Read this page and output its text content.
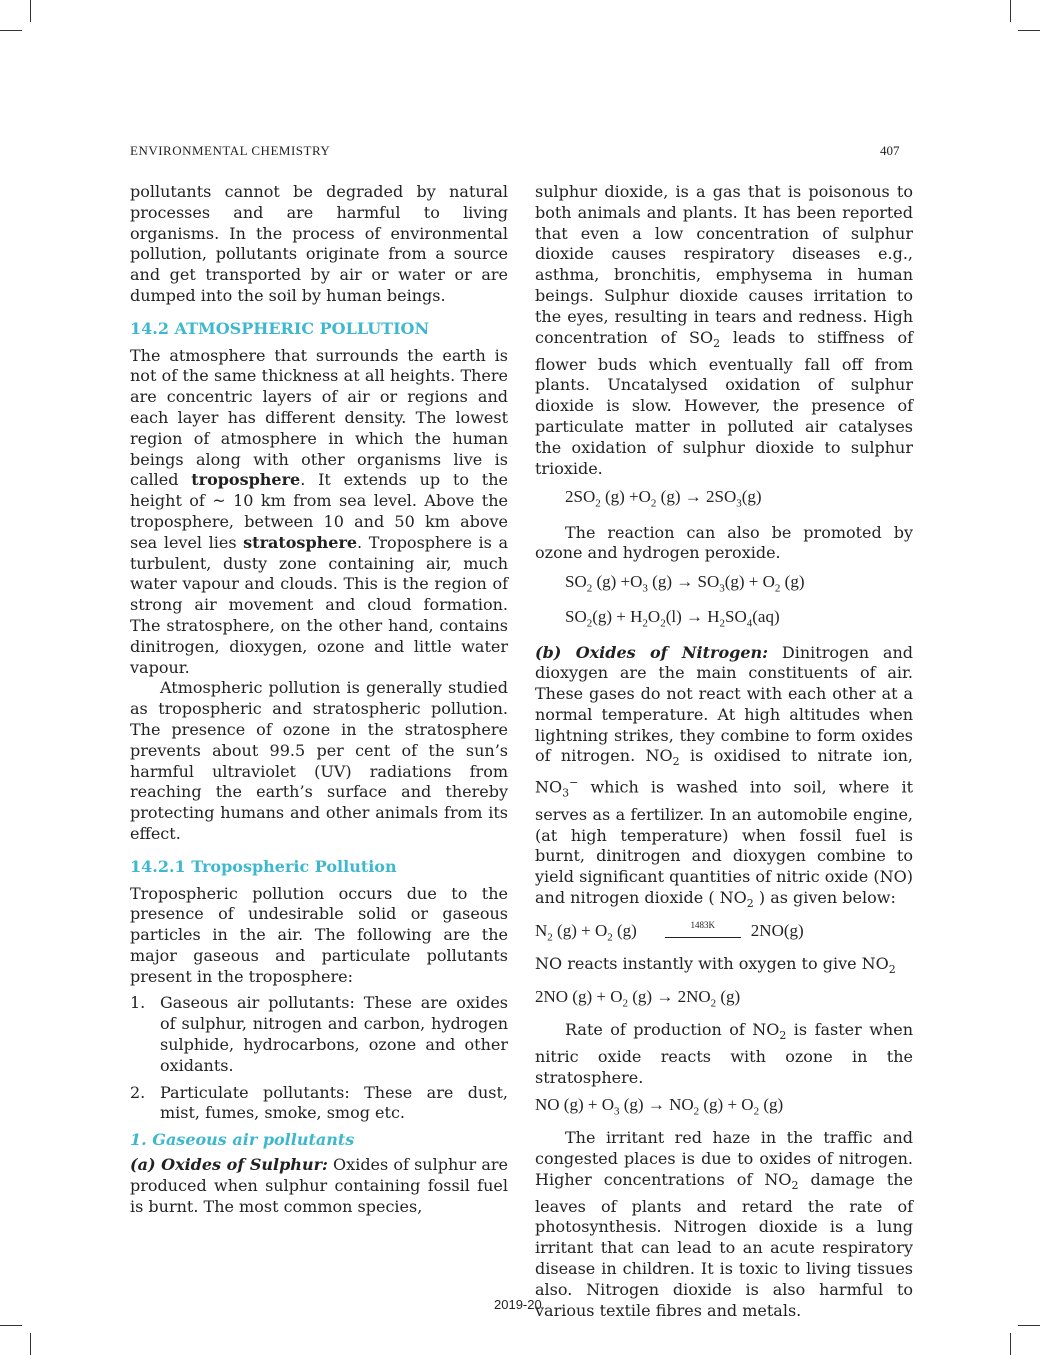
ENVIRONMENTAL CHEMISTRY	407

pollutants cannot be degraded by natural processes and are harmful to living organisms. In the process of environmental pollution, pollutants originate from a source and get transported by air or water or are dumped into the soil by human beings.

14.2 ATMOSPHERIC POLLUTION

The atmosphere that surrounds the earth is not of the same thickness at all heights. There are concentric layers of air or regions and each layer has different density. The lowest region of atmosphere in which the human beings along with other organisms live is called troposphere. It extends up to the height of ~ 10 km from sea level. Above the troposphere, between 10 and 50 km above sea level lies stratosphere. Troposphere is a turbulent, dusty zone containing air, much water vapour and clouds. This is the region of strong air movement and cloud formation. The stratosphere, on the other hand, contains dinitrogen, dioxygen, ozone and little water vapour.

Atmospheric pollution is generally studied as tropospheric and stratospheric pollution. The presence of ozone in the stratosphere prevents about 99.5 per cent of the sun’s harmful ultraviolet (UV) radiations from reaching the earth’s surface and thereby protecting humans and other animals from its effect.

14.2.1 Tropospheric Pollution

Tropospheric pollution occurs due to the presence of undesirable solid or gaseous particles in the air. The following are the major gaseous and particulate pollutants present in the troposphere:

1. Gaseous air pollutants: These are oxides of sulphur, nitrogen and carbon, hydrogen sulphide, hydrocarbons, ozone and other oxidants.
2. Particulate pollutants: These are dust, mist, fumes, smoke, smog etc.
1. Gaseous air pollutants

(a) Oxides of Sulphur: Oxides of sulphur are produced when sulphur containing fossil fuel is burnt. The most common species,

sulphur dioxide, is a gas that is poisonous to both animals and plants. It has been reported that even a low concentration of sulphur dioxide causes respiratory diseases e.g., asthma, bronchitis, emphysema in human beings. Sulphur dioxide causes irritation to the eyes, resulting in tears and redness. High concentration of $SO_2$ leads to stiffness of flower buds which eventually fall off from plants. Uncatalysed oxidation of sulphur dioxide is slow. However, the presence of particulate matter in polluted air catalyses the oxidation of sulphur dioxide to sulphur trioxide.

$2SO_2$ $(g) +O_2$ $(g) \to 2SO_3(g)$

The reaction can also be promoted by ozone and hydrogen peroxide.

$SO_2$ $(g) +O_3$ $(g) \to SO_3(g) + O_2$ (g)
$SO_2(g) + H_2O_2(l) \to H_2SO_4(aq)$

(b) Oxides of Nitrogen: Dinitrogen and dioxygen are the main constituents of air. These gases do not react with each other at a normal temperature. At high altitudes when lightning strikes, they combine to form oxides of nitrogen. $NO_2$ is oxidised to nitrate ion, $NO_3^-$ which is washed into soil, where it serves as a fertilizer. In an automobile engine, (at high temperature) when fossil fuel is burnt, dinitrogen and dioxygen combine to yield significant quantities of nitric oxide (NO) and nitrogen dioxide ( $NO_2$ ) as given below:

$N_2$ $(g) + O_2$ (g)	1483K 2NO(g)

NO reacts instantly with oxygen to give $NO_2$

2NO $(g) + O_2$ $(g) \to 2NO_2$ (g)

Rate of production of $NO_2$ is faster when nitric oxide reacts with ozone in the stratosphere.

NO $(g) + O_3$ $(g) \to NO_2$ $(g) + O_2$ (g)

The irritant red haze in the traffic and congested places is due to oxides of nitrogen. Higher concentrations of $NO_2$ damage the leaves of plants and retard the rate of photosynthesis. Nitrogen dioxide is a lung irritant that can lead to an acute respiratory disease in children. It is toxic to living tissues also. Nitrogen dioxide is also harmful to various textile fibres and metals.

2019-20
